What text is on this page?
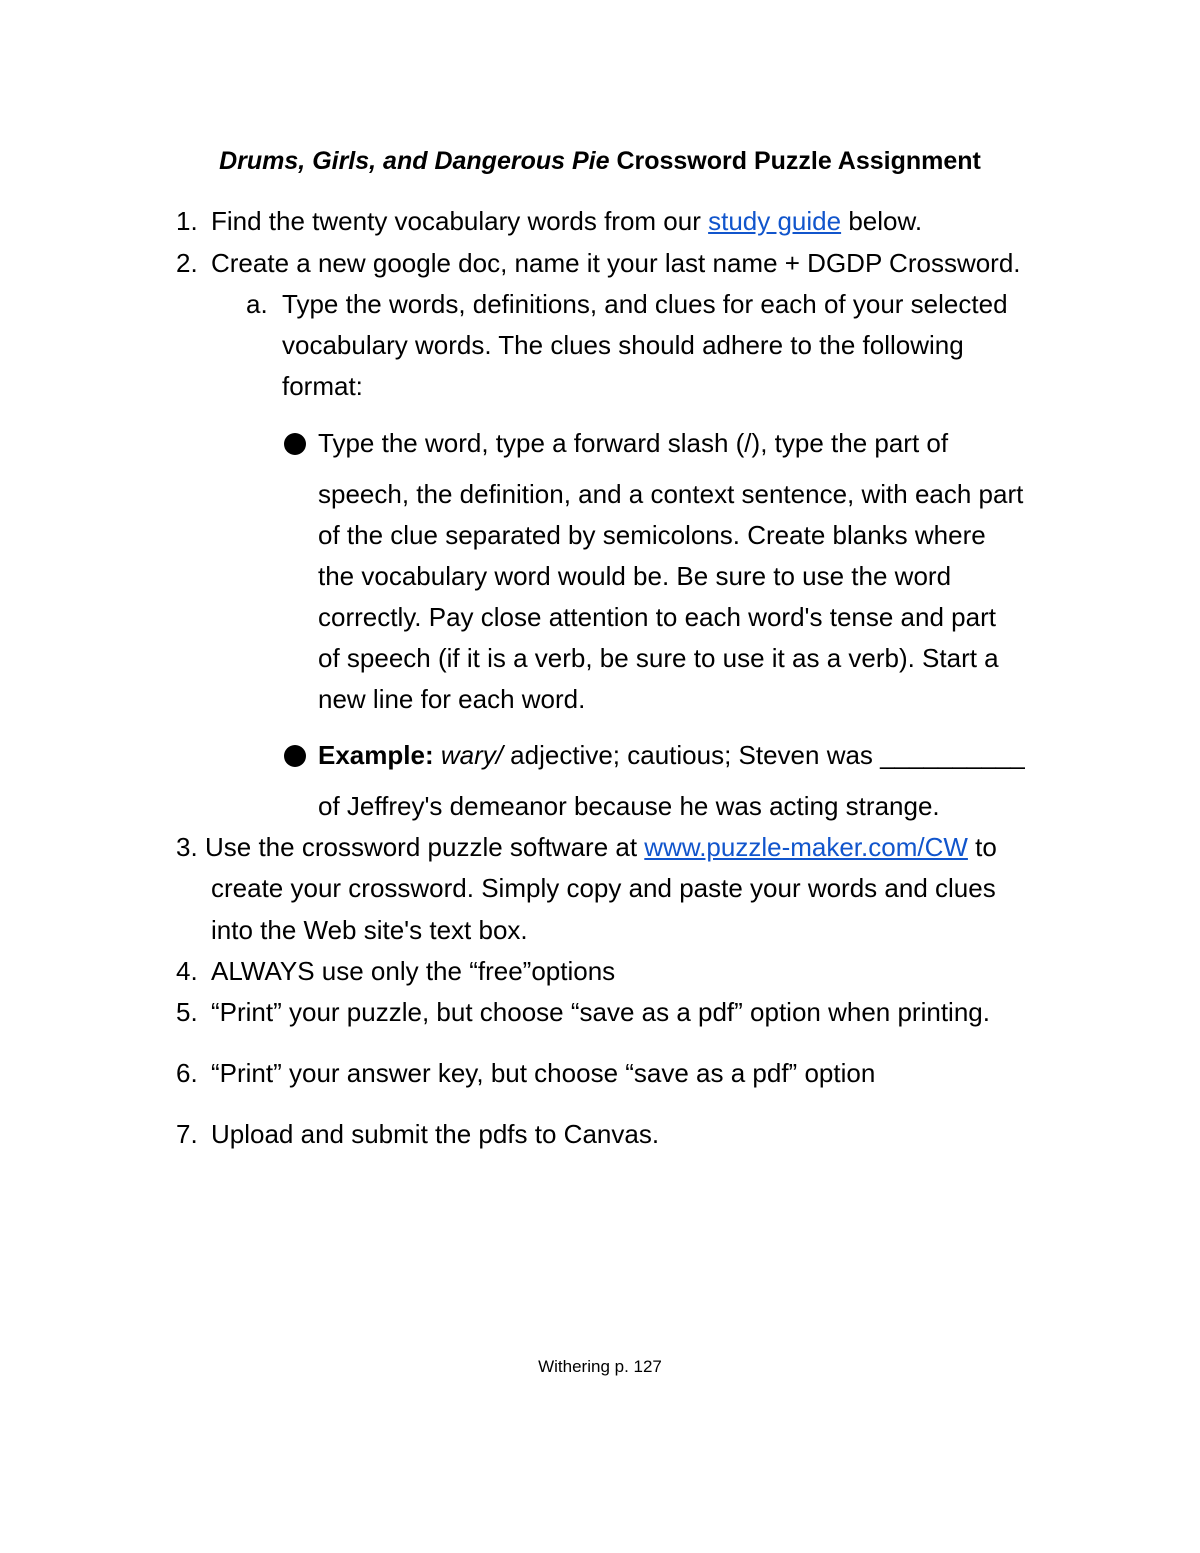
Drums, Girls, and Dangerous Pie Crossword Puzzle Assignment
1. Find the twenty vocabulary words from our study guide below.
2. Create a new google doc, name it your last name + DGDP Crossword.
a. Type the words, definitions, and clues for each of your selected
vocabulary words. The clues should adhere to the following
format:
Type the word, type a forward slash (/), type the part of
speech, the definition, and a context sentence, with each part
of the clue separated by semicolons. Create blanks where
the vocabulary word would be. Be sure to use the word
correctly. Pay close attention to each word's tense and part
of speech (if it is a verb, be sure to use it as a verb). Start a
new line for each word.
Example: wary/ adjective; cautious; Steven was __________
of Jeffrey's demeanor because he was acting strange.
3. Use the crossword puzzle software at www.puzzle-maker.com/CW to
create your crossword. Simply copy and paste your words and clues
into the Web site's text box.
4. ALWAYS use only the “free”options
5. “Print” your puzzle, but choose “save as a pdf” option when printing.
6. “Print” your answer key, but choose “save as a pdf” option
7. Upload and submit the pdfs to Canvas.
Withering p. 127
